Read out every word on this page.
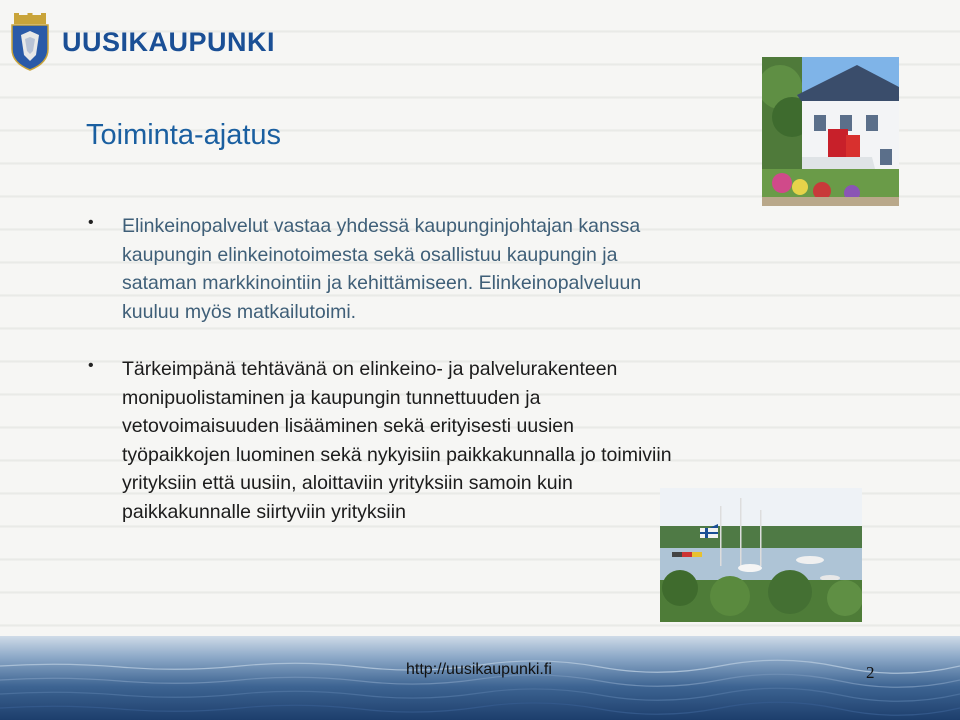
UUSIKAUPUNKI
Toiminta-ajatus
• Elinkeinopalvelut vastaa yhdessä kaupunginjohtajan kanssa
kaupungin elinkeinotoimesta sekä osallistuu kaupungin ja
sataman markkinointiin ja kehittämiseen. Elinkeinopalveluun
kuuluu myös matkailutoimi.
• Tärkeimpänä tehtävänä on elinkeino- ja palvelurakenteen
monipuolistaminen ja kaupungin tunnettuuden ja
vetovoimaisuuden lisääminen sekä erityisesti uusien
työpaikkojen luominen sekä nykyisiin paikkakunnalla jo toimiviin
yrityksiin että uusiin, aloittaviin yrityksiin samoin kuin
paikkakunnalle siirtyviin yrityksiin
http://uusikaupunki.fi	2
